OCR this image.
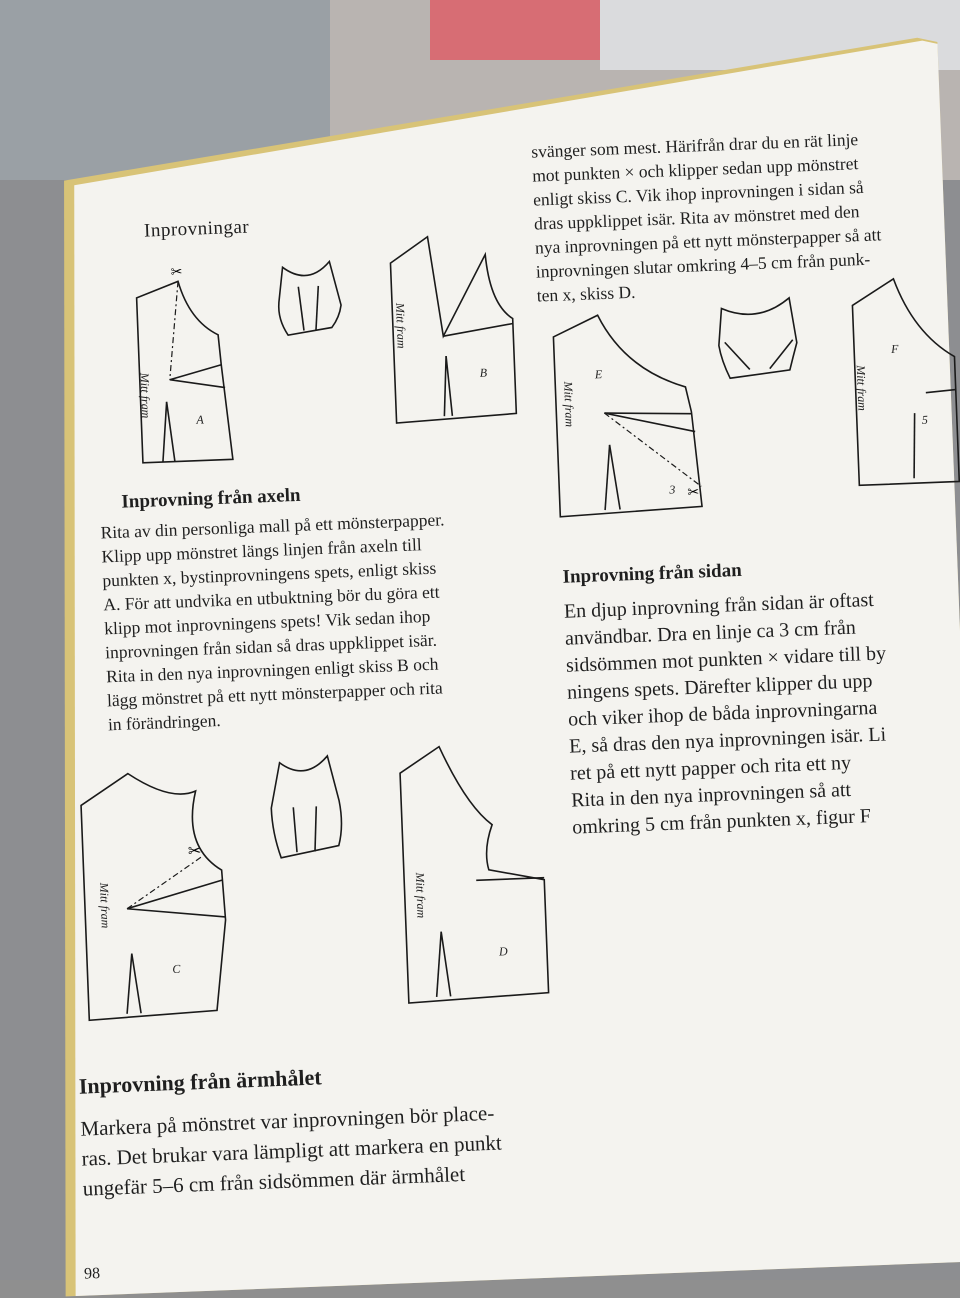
Inprovningar
svänger som mest. Härifrån drar du en rät linje
mot punkten × och klipper sedan upp mönstret
enligt skiss C. Vik ihop inprovningen i sidan så
dras uppklippet isär. Rita av mönstret med den
nya inprovningen på ett nytt mönsterpapper så att
inprovningen slutar omkring 4–5 cm från punk-
ten x, skiss D.
✂
Mitt fram
A
Mitt fram
B
Inprovning från axeln
Rita av din personliga mall på ett mönsterpapper.
Klipp upp mönstret längs linjen från axeln till
punkten x, bystinprovningens spets, enligt skiss
A. För att undvika en utbuktning bör du göra ett
klipp mot inprovningens spets! Vik sedan ihop
inprovningen från sidan så dras uppklippet isär.
Rita in den nya inprovningen enligt skiss B och
lägg mönstret på ett nytt mönsterpapper och rita
in förändringen.
✂
Mitt fram
E
3
Mitt fram
F
5
Inprovning från sidan
En djup inprovning från sidan är oftast
användbar. Dra en linje ca 3 cm från
sidsömmen mot punkten × vidare till by
ningens spets. Därefter klipper du upp
och viker ihop de båda inprovningarna
E, så dras den nya inprovningen isär. Li
ret på ett nytt papper och rita ett ny
Rita in den nya inprovningen så att
omkring 5 cm från punkten x, figur F
✂
Mitt fram
C
Mitt fram
D
Inprovning från ärmhålet
Markera på mönstret var inprovningen bör place-
ras. Det brukar vara lämpligt att markera en punkt
ungefär 5–6 cm från sidsömmen där ärmhålet
98
